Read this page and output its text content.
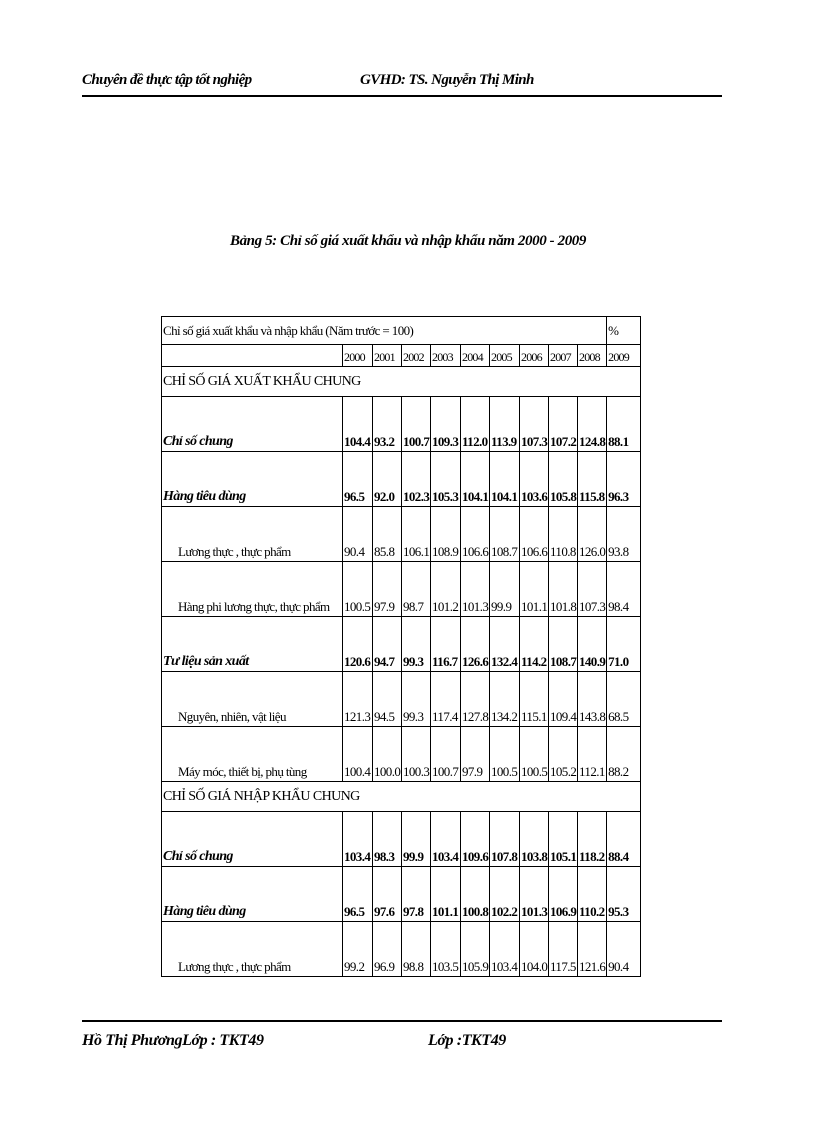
Chuyên đề thực tập tốt nghiệp	GVHD: TS. Nguyễn Thị Minh
Bảng 5: Chỉ số giá xuất khẩu và nhập khẩu năm 2000 - 2009
Chỉ số giá xuất khẩu và nhập khẩu (Năm trước = 100)										%
	2000	2001	2002	2003	2004	2005	2006	2007	2008	2009
CHỈ SỐ GIÁ XUẤT KHẨU CHUNG										
Chỉ số chung	104.4	93.2	100.7	109.3	112.0	113.9	107.3	107.2	124.8	88.1
Hàng tiêu dùng	96.5	92.0	102.3	105.3	104.1	104.1	103.6	105.8	115.8	96.3
Lương thực , thực phẩm	90.4	85.8	106.1	108.9	106.6	108.7	106.6	110.8	126.0	93.8
Hàng phi lương thực, thực phẩm	100.5	97.9	98.7	101.2	101.3	99.9	101.1	101.8	107.3	98.4
Tư liệu sản xuất	120.6	94.7	99.3	116.7	126.6	132.4	114.2	108.7	140.9	71.0
Nguyên, nhiên, vật liệu	121.3	94.5	99.3	117.4	127.8	134.2	115.1	109.4	143.8	68.5
Máy móc, thiết bị, phụ tùng	100.4	100.0	100.3	100.7	97.9	100.5	100.5	105.2	112.1	88.2
CHỈ SỐ GIÁ NHẬP KHẨU CHUNG										
Chỉ số chung	103.4	98.3	99.9	103.4	109.6	107.8	103.8	105.1	118.2	88.4
Hàng tiêu dùng	96.5	97.6	97.8	101.1	100.8	102.2	101.3	106.9	110.2	95.3
Lương thực , thực phẩm	99.2	96.9	98.8	103.5	105.9	103.4	104.0	117.5	121.6	90.4
Hồ Thị PhươngLớp : TKT49	Lớp :TKT49
